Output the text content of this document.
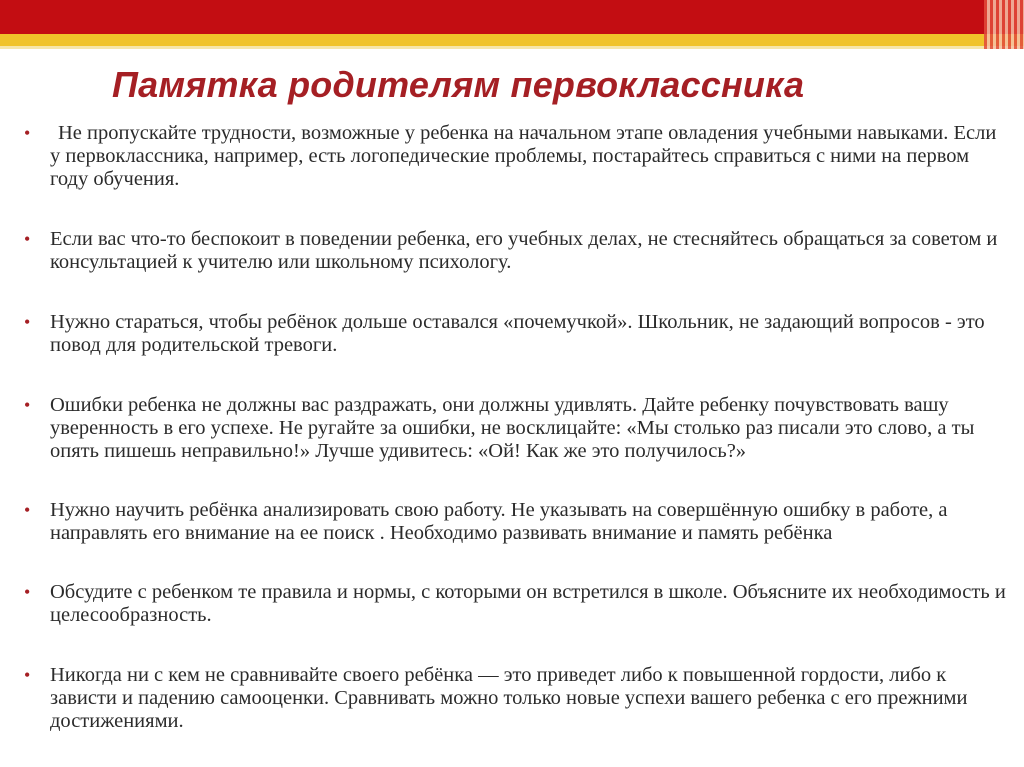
Памятка родителям первоклассника
• Не пропускайте трудности, возможные у ребенка на начальном этапе овладения учебными навыками. Если у первоклассника, например, есть логопедические проблемы, постарайтесь справиться с ними на первом году обучения.
• Если вас что-то беспокоит в поведении ребенка, его учебных делах, не стесняйтесь обращаться за советом и консультацией к учителю или школьному психологу.
• Нужно стараться, чтобы ребёнок дольше оставался «почемучкой». Школьник, не задающий вопросов - это повод для родительской тревоги.
• Ошибки ребенка не должны вас раздражать, они должны удивлять. Дайте ребенку почувствовать вашу уверенность в его успехе. Не ругайте за ошибки, не восклицайте: «Мы столько раз писали это слово, а ты опять пишешь неправильно!» Лучше удивитесь: «Ой! Как же это получилось?»
• Нужно научить ребёнка анализировать свою работу. Не указывать на совершённую ошибку в работе, а направлять его внимание на ее поиск . Необходимо развивать внимание и память ребёнка
• Обсудите с ребенком те правила и нормы, с которыми он встретился в школе. Объясните их необходимость и целесообразность.
• Никогда ни с кем не сравнивайте своего ребёнка — это приведет либо к повышенной гордости, либо к зависти и падению самооценки. Сравнивать можно только новые успехи вашего ребенка с его прежними достижениями.
